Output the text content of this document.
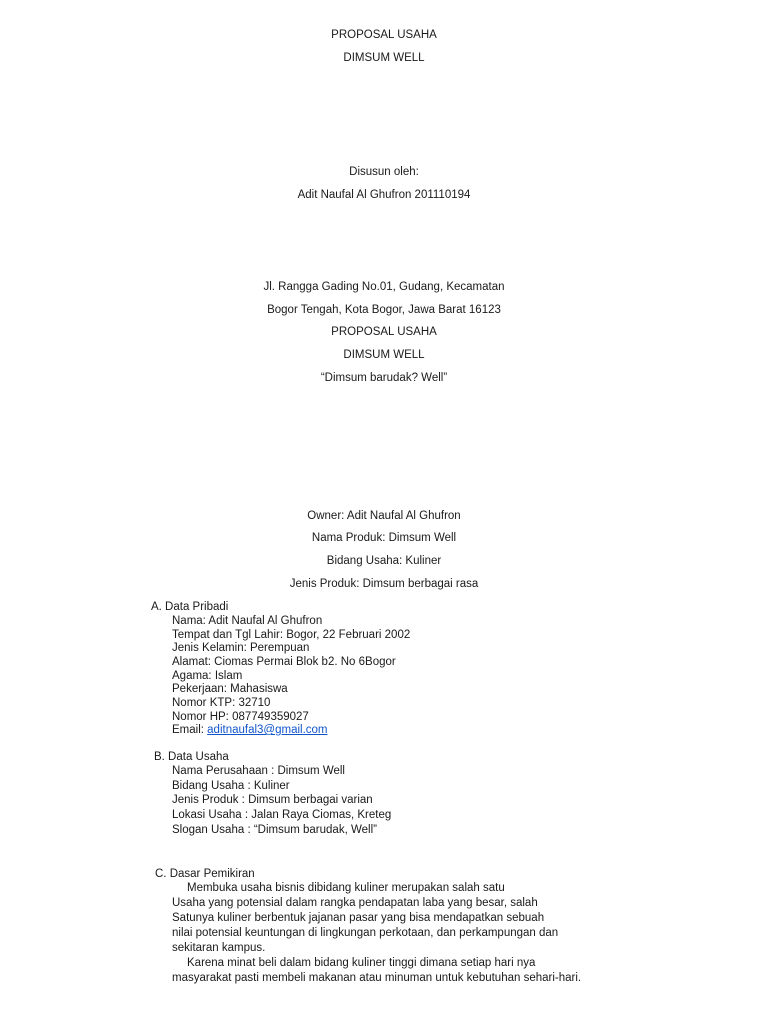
PROPOSAL USAHA
DIMSUM WELL
Disusun oleh:
Adit Naufal Al Ghufron 201110194
Jl. Rangga Gading No.01, Gudang, Kecamatan
Bogor Tengah, Kota Bogor, Jawa Barat 16123
PROPOSAL USAHA
DIMSUM WELL
“Dimsum barudak? Well”
Owner: Adit Naufal Al Ghufron
Nama Produk: Dimsum Well
Bidang Usaha: Kuliner
Jenis Produk: Dimsum berbagai rasa
A. Data Pribadi
Nama: Adit Naufal Al Ghufron
Tempat dan Tgl Lahir: Bogor, 22 Februari 2002
Jenis Kelamin: Perempuan
Alamat: Ciomas Permai Blok b2. No 6Bogor
Agama: Islam
Pekerjaan: Mahasiswa
Nomor KTP: 32710
Nomor HP: 087749359027
Email: aditnaufal3@gmail.com
B. Data Usaha
Nama Perusahaan : Dimsum Well
Bidang Usaha : Kuliner
Jenis Produk : Dimsum berbagai varian
Lokasi Usaha : Jalan Raya Ciomas, Kreteg
Slogan Usaha : “Dimsum barudak, Well”
C. Dasar Pemikiran
Membuka usaha bisnis dibidang kuliner merupakan salah satu
Usaha yang potensial dalam rangka pendapatan laba yang besar, salah
Satunya kuliner berbentuk jajanan pasar yang bisa mendapatkan sebuah
nilai potensial keuntungan di lingkungan perkotaan, dan perkampungan dan
sekitaran kampus.
Karena minat beli dalam bidang kuliner tinggi dimana setiap hari nya
masyarakat pasti membeli makanan atau minuman untuk kebutuhan sehari-hari.
